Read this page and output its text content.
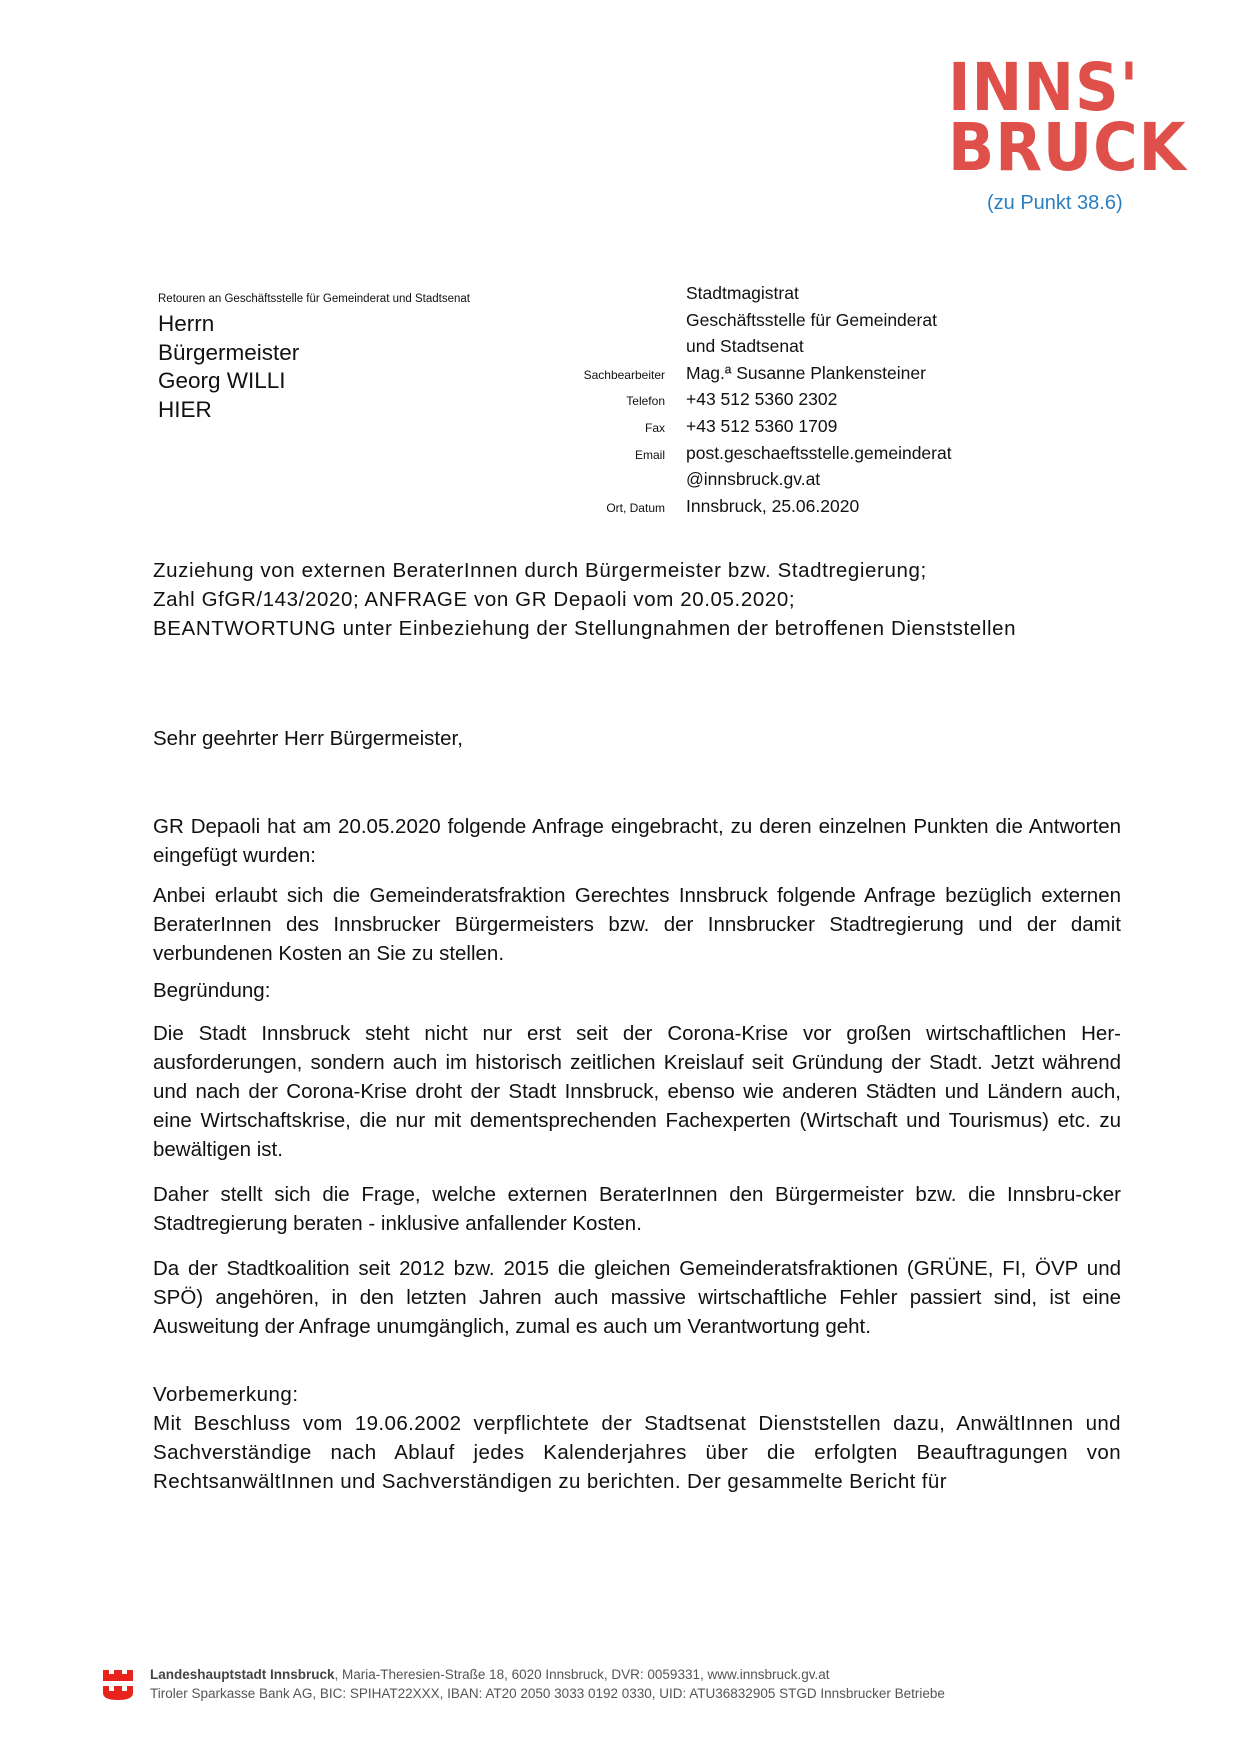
INNS'
BRUCK
(zu Punkt 38.6)
Retouren an Geschäftsstelle für Gemeinderat und Stadtsenat
Herrn
Bürgermeister
Georg WILLI
HIER
Stadtmagistrat
Geschäftsstelle für Gemeinderat
und Stadtsenat
Sachbearbeiter	Mag.ª Susanne Plankensteiner
Telefon	+43 512 5360 2302
Fax	+43 512 5360 1709
Email	post.geschaeftsstelle.gemeinderat
@innsbruck.gv.at
Ort, Datum	Innsbruck, 25.06.2020
Zuziehung von externen BeraterInnen durch Bürgermeister bzw. Stadtregierung;
Zahl GfGR/143/2020; ANFRAGE von GR Depaoli vom 20.05.2020;
BEANTWORTUNG unter Einbeziehung der Stellungnahmen der betroffenen Dienststellen
Sehr geehrter Herr Bürgermeister,
GR Depaoli hat am 20.05.2020 folgende Anfrage eingebracht, zu deren einzelnen Punkten die Antworten eingefügt wurden:
Anbei erlaubt sich die Gemeinderatsfraktion Gerechtes Innsbruck folgende Anfrage bezüglich externen BeraterInnen des Innsbrucker Bürgermeisters bzw. der Innsbrucker Stadtregierung und der damit verbundenen Kosten an Sie zu stellen.
Begründung:
Die Stadt Innsbruck steht nicht nur erst seit der Corona-Krise vor großen wirtschaftlichen Her-ausforderungen, sondern auch im historisch zeitlichen Kreislauf seit Gründung der Stadt. Jetzt während und nach der Corona-Krise droht der Stadt Innsbruck, ebenso wie anderen Städten und Ländern auch, eine Wirtschaftskrise, die nur mit dementsprechenden Fachexperten (Wirtschaft und Tourismus) etc. zu bewältigen ist.
Daher stellt sich die Frage, welche externen BeraterInnen den Bürgermeister bzw. die Innsbru-cker Stadtregierung beraten - inklusive anfallender Kosten.
Da der Stadtkoalition seit 2012 bzw. 2015 die gleichen Gemeinderatsfraktionen (GRÜNE, FI, ÖVP und SPÖ) angehören, in den letzten Jahren auch massive wirtschaftliche Fehler passiert sind, ist eine Ausweitung der Anfrage unumgänglich, zumal es auch um Verantwortung geht.
Vorbemerkung:
Mit Beschluss vom 19.06.2002 verpflichtete der Stadtsenat Dienststellen dazu, AnwältInnen und Sachverständige nach Ablauf jedes Kalenderjahres über die erfolgten Beauftragungen von RechtsanwältInnen und Sachverständigen zu berichten. Der gesammelte Bericht für
Landeshauptstadt Innsbruck, Maria-Theresien-Straße 18, 6020 Innsbruck, DVR: 0059331, www.innsbruck.gv.at
Tiroler Sparkasse Bank AG, BIC: SPIHAT22XXX, IBAN: AT20 2050 3033 0192 0330, UID: ATU36832905 STGD Innsbrucker Betriebe
